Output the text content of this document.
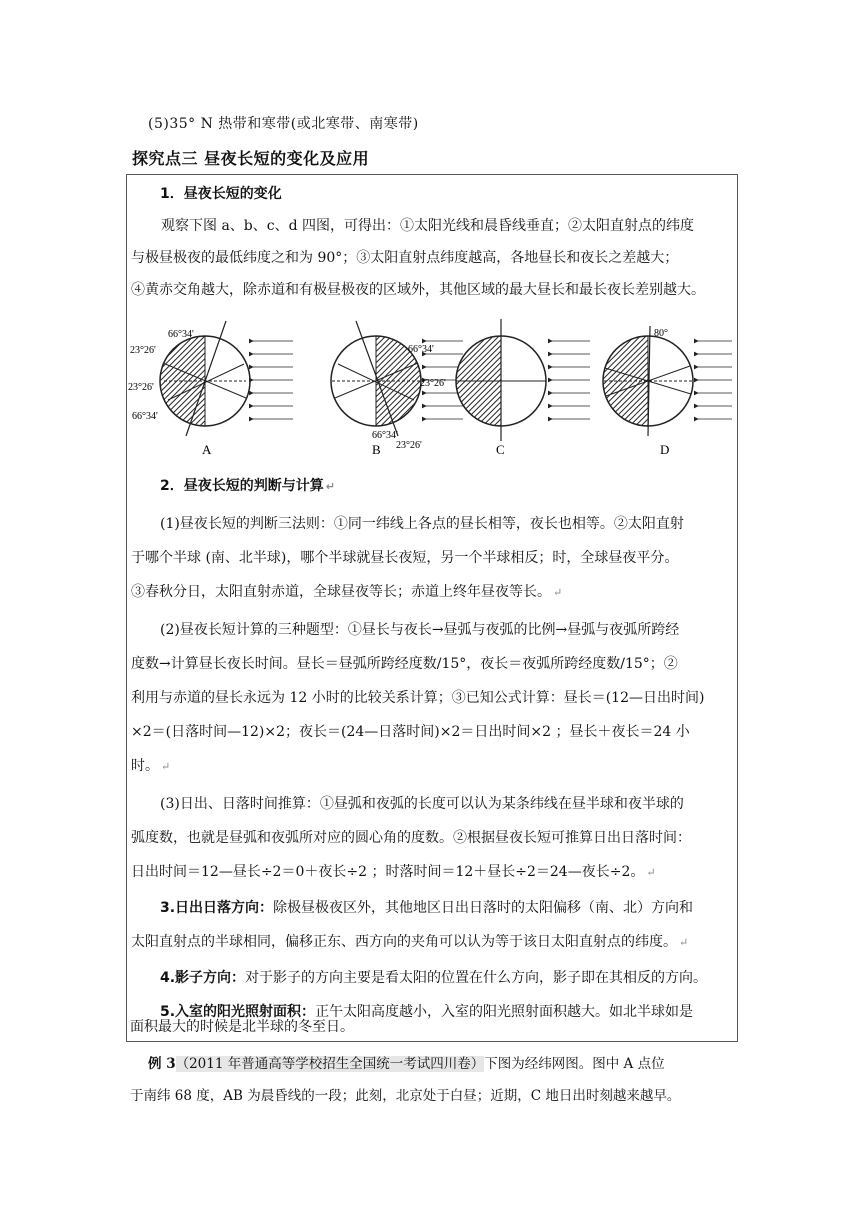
(5)35° N 热带和寒带(或北寒带、南寒带)
探究点三 昼夜长短的变化及应用
1．昼夜长短的变化
观察下图 a、b、c、d 四图，可得出：①太阳光线和晨昏线垂直；②太阳直射点的纬度
与极昼极夜的最低纬度之和为 90°；③太阳直射点纬度越高，各地昼长和夜长之差越大；
④黄赤交角越大，除赤道和有极昼极夜的区域外，其他区域的最大昼长和最长夜长差别越大。
2．昼夜长短的判断与计算 ↵
(1)昼夜长短的判断三法则：①同一纬线上各点的昼长相等，夜长也相等。②太阳直射
于哪个半球 (南、北半球)，哪个半球就昼长夜短，另一个半球相反；时，全球昼夜平分。
③春秋分日，太阳直射赤道，全球昼夜等长；赤道上终年昼夜等长。 ↵
(2)昼夜长短计算的三种题型：①昼长与夜长→昼弧与夜弧的比例→昼弧与夜弧所跨经
度数→计算昼长夜长时间。昼长＝昼弧所跨经度数/15°，夜长＝夜弧所跨经度数/15°；②
利用与赤道的昼长永远为 12 小时的比较关系计算；③已知公式计算：昼长＝(12—日出时间)
×2＝(日落时间—12)×2；夜长＝(24—日落时间)×2＝日出时间×2 ；昼长＋夜长＝24 小
时。 ↵
(3)日出、日落时间推算：①昼弧和夜弧的长度可以认为某条纬线在昼半球和夜半球的
弧度数，也就是昼弧和夜弧所对应的圆心角的度数。②根据昼夜长短可推算日出日落时间：
日出时间＝12—昼长÷2＝0＋夜长÷2 ；时落时间＝12＋昼长÷2＝24—夜长÷2。 ↵
3.日出日落方向：除极昼极夜区外，其他地区日出日落时的太阳偏移（南、北）方向和
太阳直射点的半球相同，偏移正东、西方向的夹角可以认为等于该日太阳直射点的纬度。 ↵
4.影子方向：对于影子的方向主要是看太阳的位置在什么方向，影子即在其相反的方向。
5.入室的阳光照射面积：正午太阳高度越小，入室的阳光照射面积越大。如北半球如是
面积最大的时候是北半球的冬至日。
66°34'
23°26'
23°26'
66°34'
A
66°34'
23°26'
66°34'
23°26'
B	C
80°
D
例 3（2011 年普通高等学校招生全国统一考试四川卷）下图为经纬网图。图中 A 点位
于南纬 68 度，AB 为晨昏线的一段；此刻，北京处于白昼；近期，C 地日出时刻越来越早。
